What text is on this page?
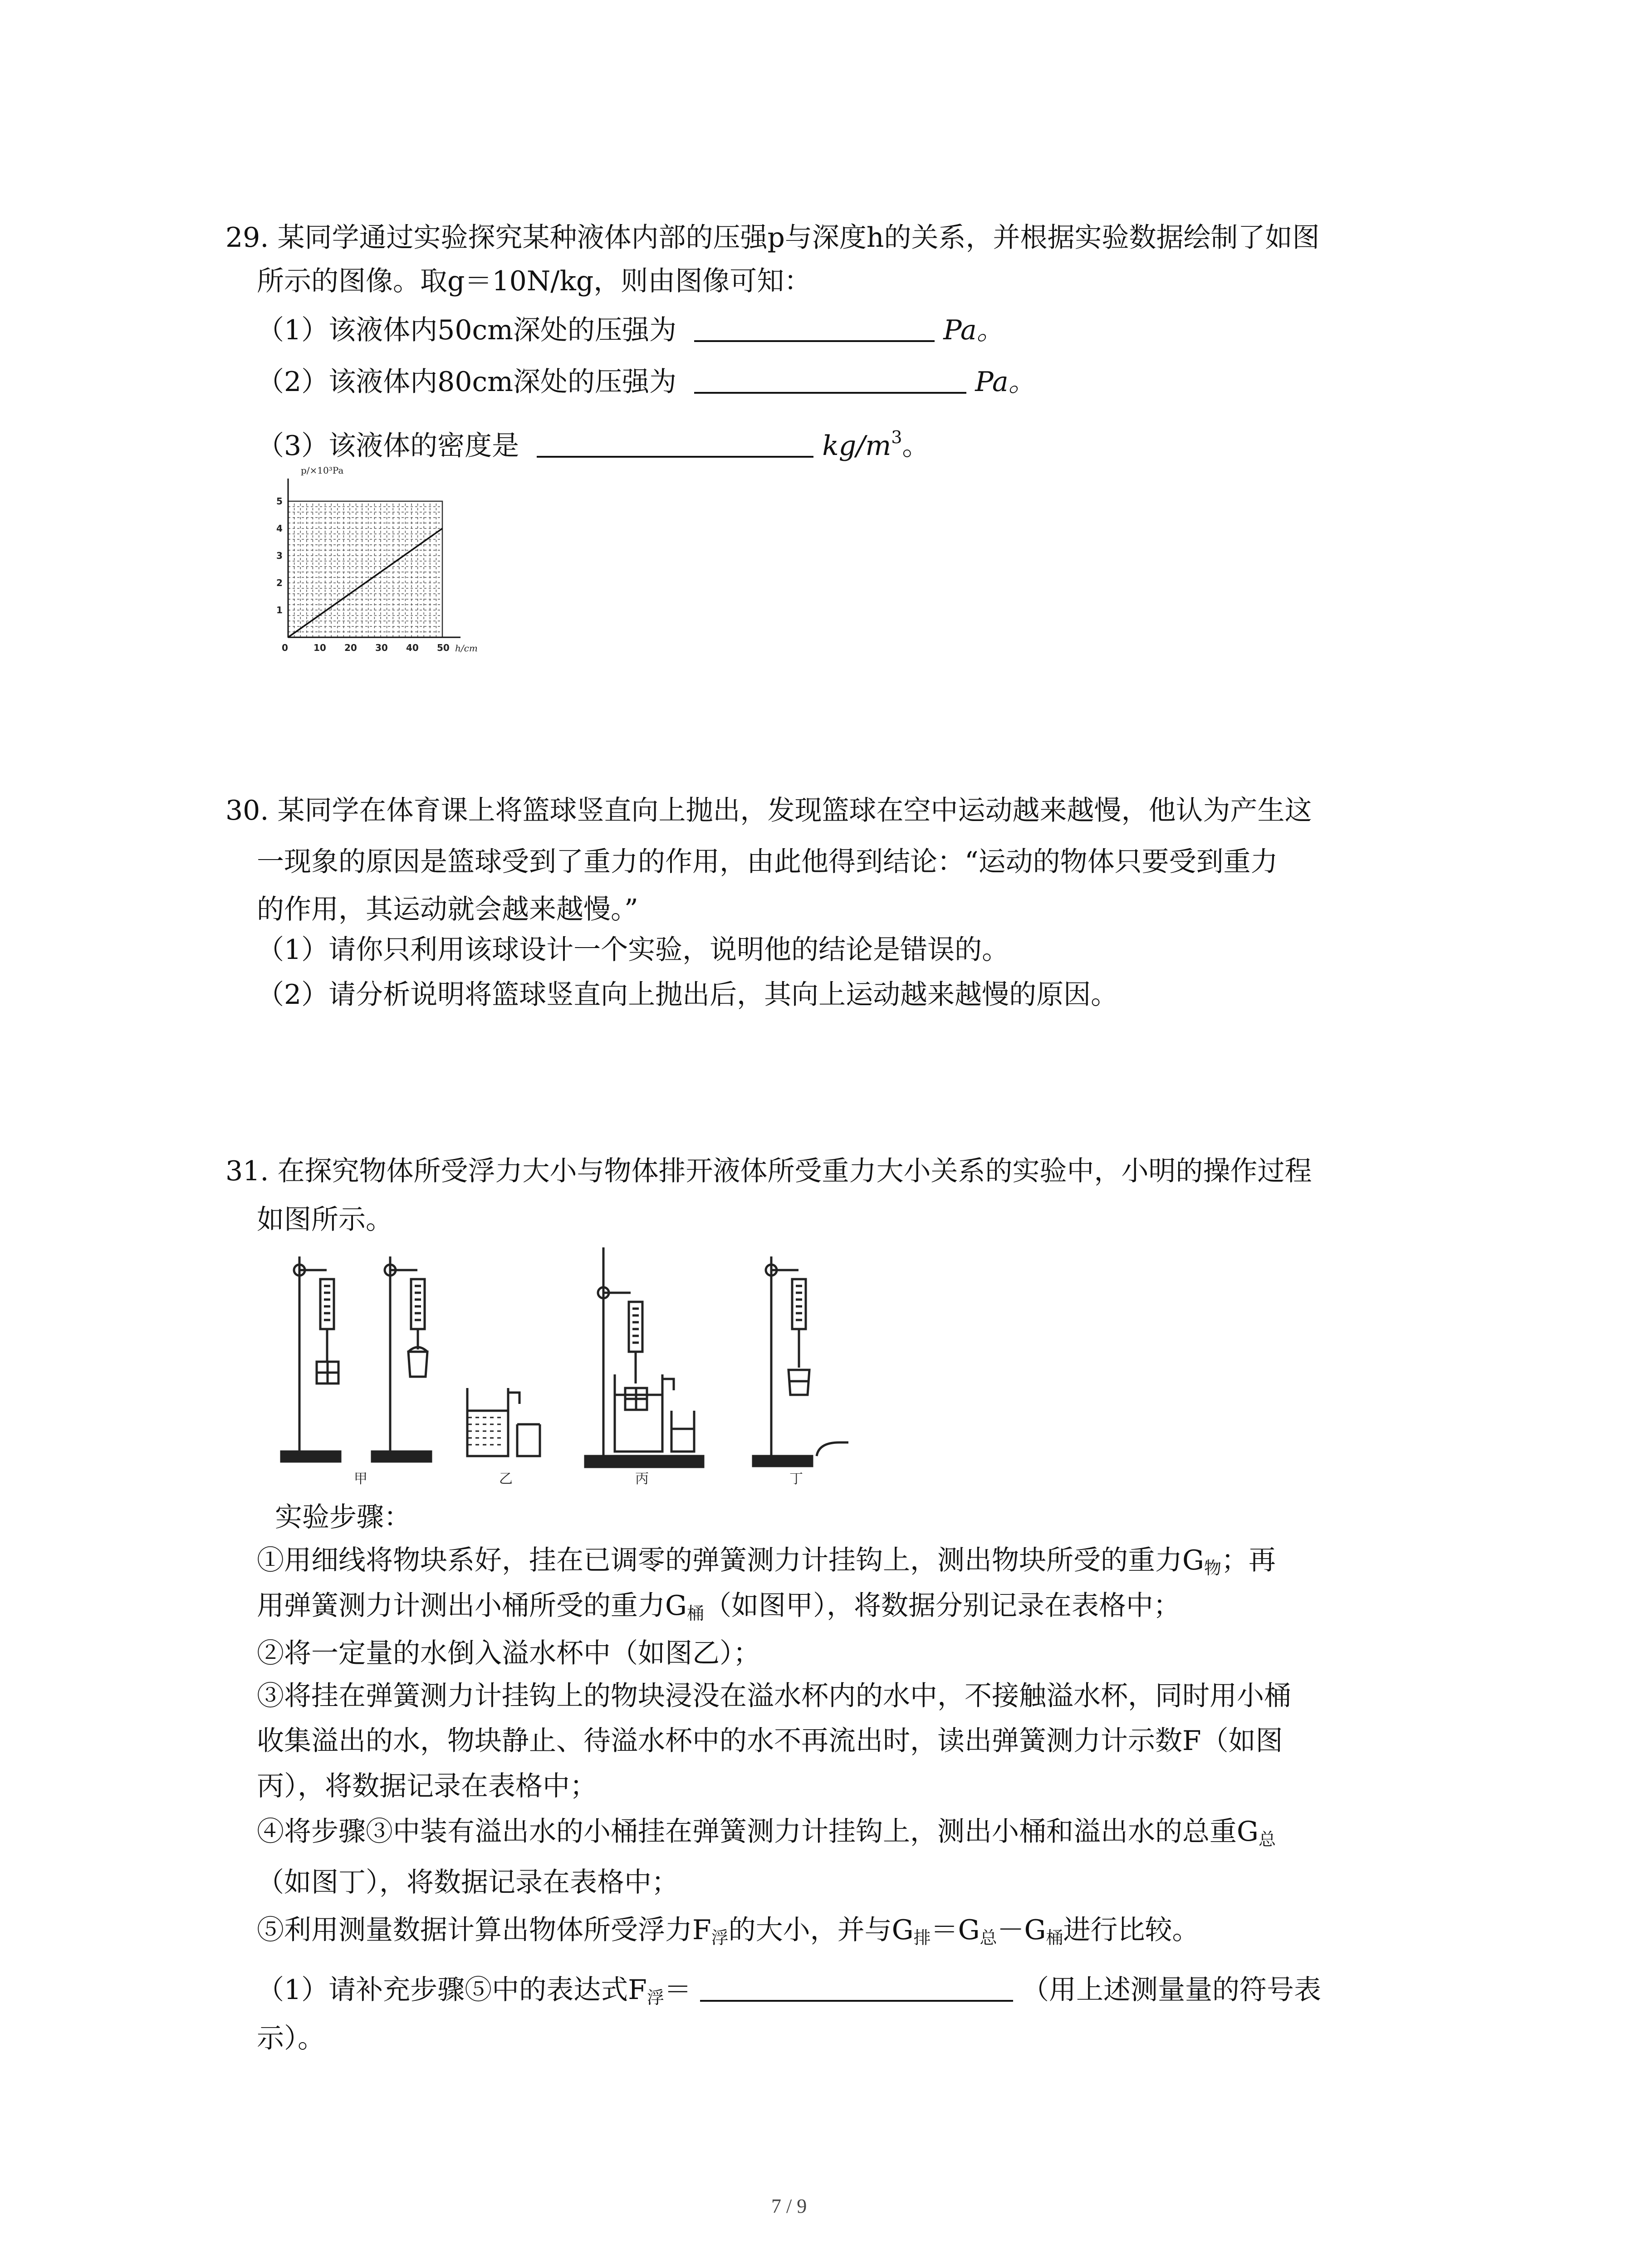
29. 某同学通过实验探究某种液体内部的压强p与深度h的关系，并根据实验数据绘制了如图
所示的图像。取g＝10N/kg，则由图像可知：
（1）该液体内50cm深处的压强为	Pa。
（2）该液体内80cm深处的压强为	Pa。
（3）该液体的密度是	$kg/m^3$。
0	10 20 30 40 50
1
2
3
4
5
p/×10³Pa
h/cm
30. 某同学在体育课上将篮球竖直向上抛出，发现篮球在空中运动越来越慢，他认为产生这
一现象的原因是篮球受到了重力的作用，由此他得到结论：“运动的物体只要受到重力
的作用，其运动就会越来越慢。”
（1）请你只利用该球设计一个实验，说明他的结论是错误的。
（2）请分析说明将篮球竖直向上抛出后，其向上运动越来越慢的原因。
31. 在探究物体所受浮力大小与物体排开液体所受重力大小关系的实验中，小明的操作过程
如图所示。
甲	乙	丙	丁
实验步骤：
①用细线将物块系好，挂在已调零的弹簧测力计挂钩上，测出物块所受的重力$G_物$；再
用弹簧测力计测出小桶所受的重力$G_桶$（如图甲），将数据分别记录在表格中；
②将一定量的水倒入溢水杯中（如图乙）；
③将挂在弹簧测力计挂钩上的物块浸没在溢水杯内的水中，不接触溢水杯，同时用小桶
收集溢出的水，物块静止、待溢水杯中的水不再流出时，读出弹簧测力计示数F（如图
丙），将数据记录在表格中；
④将步骤③中装有溢出水的小桶挂在弹簧测力计挂钩上，测出小桶和溢出水的总重$G_总$
（如图丁），将数据记录在表格中；
⑤利用测量数据计算出物体所受浮力$F_浮$的大小，并与$G_排=G_总-G_桶$进行比较。
（1）请补充步骤⑤中的表达式$F_浮=$	（用上述测量量的符号表
示）。
7 / 9
